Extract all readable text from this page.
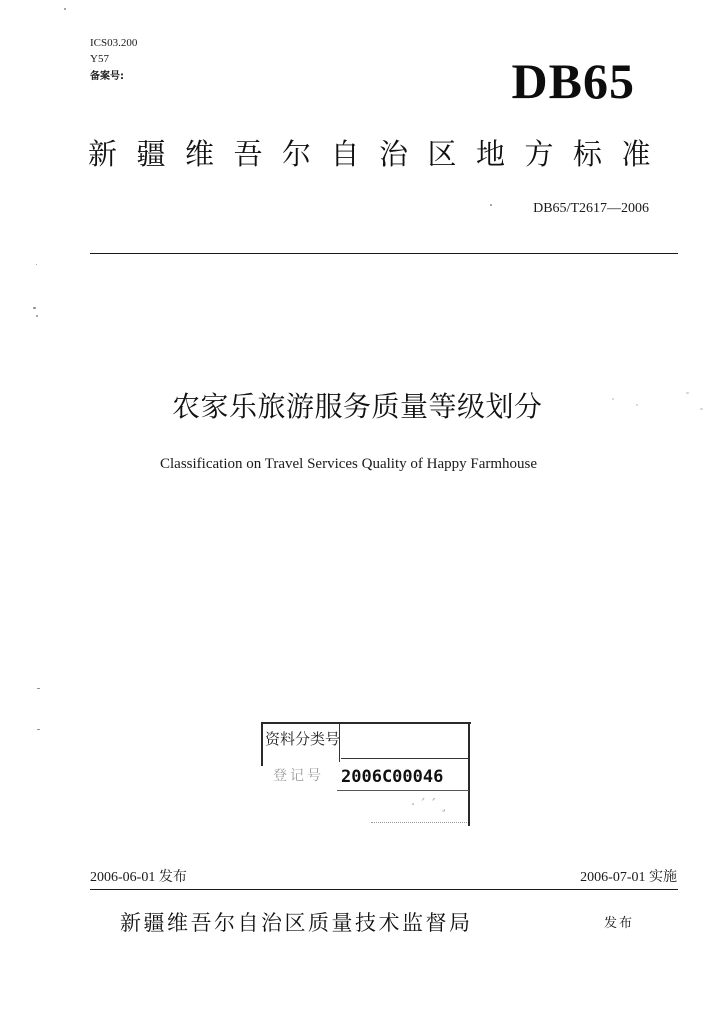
ICS03.200
Y57
备案号:	DB65
新疆维吾尔自治区地方标准
DB65/T2617—2006
农家乐旅游服务质量等级划分
Classification on Travel Services Quality of Happy Farmhouse
资料分类号
登记号 2006C00046
· ´ ˊ ¸
2006-06-01 发布	2006-07-01 实施
新疆维吾尔自治区质量技术监督局	发布
